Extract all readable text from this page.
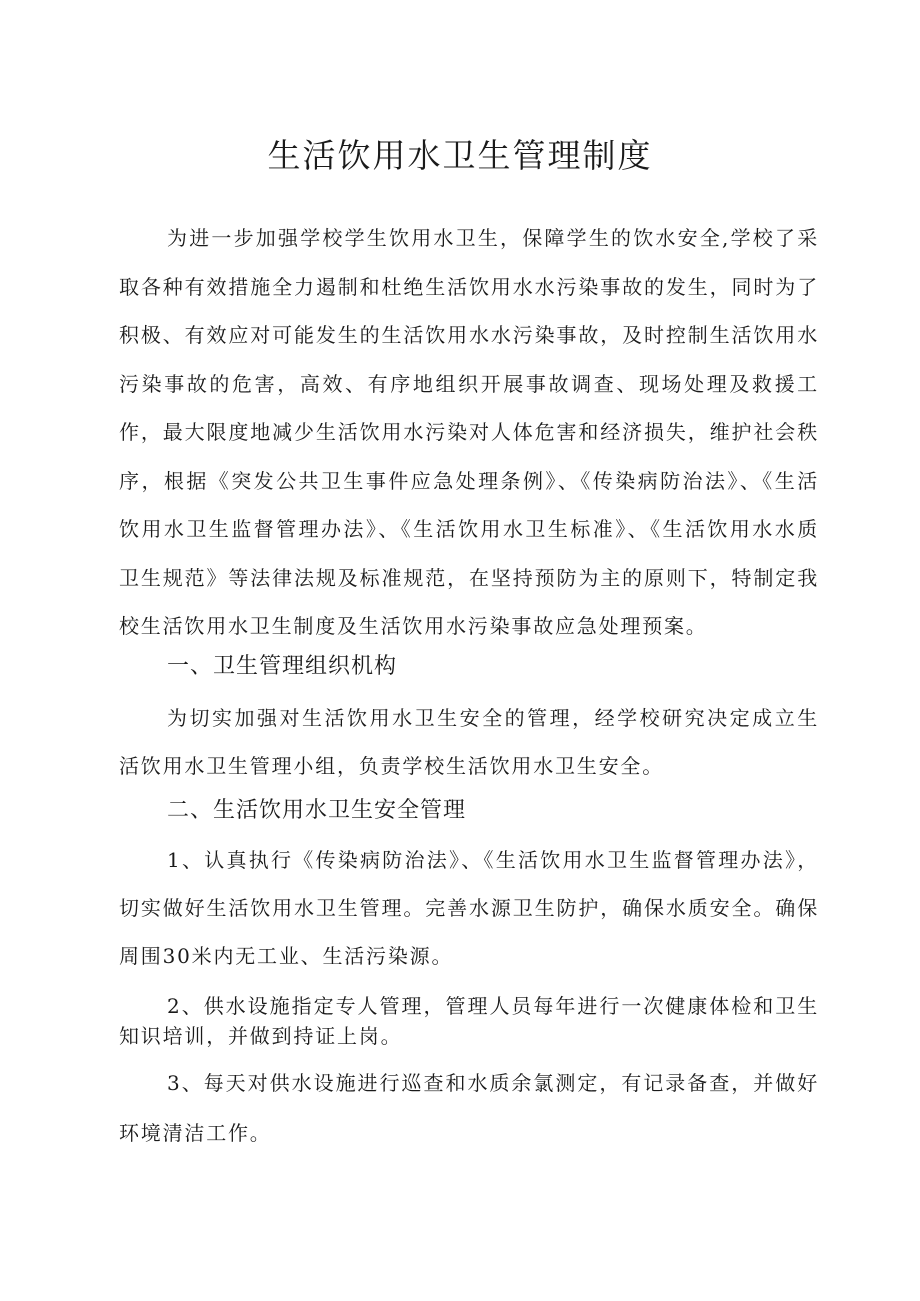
生活饮用水卫生管理制度

为进一步加强学校学生饮用水卫生，保障学生的饮水安全,学校了采取各种有效措施全力遏制和杜绝生活饮用水水污染事故的发生，同时为了积极、有效应对可能发生的生活饮用水水污染事故，及时控制生活饮用水污染事故的危害，高效、有序地组织开展事故调查、现场处理及救援工作，最大限度地减少生活饮用水污染对人体危害和经济损失，维护社会秩序，根据《突发公共卫生事件应急处理条例》、《传染病防治法》、《生活饮用水卫生监督管理办法》、《生活饮用水卫生标准》、《生活饮用水水质卫生规范》等法律法规及标准规范，在坚持预防为主的原则下，特制定我校生活饮用水卫生制度及生活饮用水污染事故应急处理预案。

一、卫生管理组织机构

为切实加强对生活饮用水卫生安全的管理，经学校研究决定成立生活饮用水卫生管理小组，负责学校生活饮用水卫生安全。

二、生活饮用水卫生安全管理

1、认真执行《传染病防治法》、《生活饮用水卫生监督管理办法》，切实做好生活饮用水卫生管理。完善水源卫生防护，确保水质安全。确保周围30米内无工业、生活污染源。

2、供水设施指定专人管理，管理人员每年进行一次健康体检和卫生知识培训，并做到持证上岗。

3、每天对供水设施进行巡查和水质余氯测定，有记录备查，并做好环境清洁工作。
